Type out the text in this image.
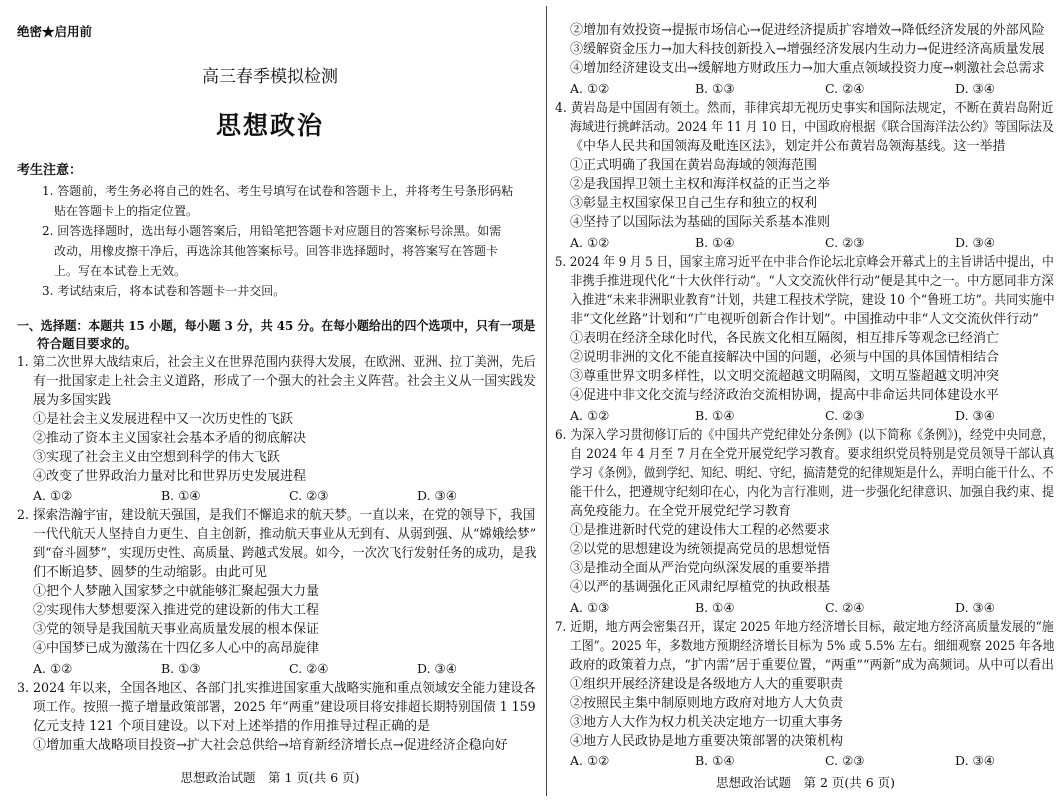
绝密★启用前
高三春季模拟检测
思想政治
考生注意：
1. 答题前，考生务必将自己的姓名、考生号填写在试卷和答题卡上，并将考生号条形码粘
贴在答题卡上的指定位置。
2. 回答选择题时，选出每小题答案后，用铅笔把答题卡对应题目的答案标号涂黑。如需
改动，用橡皮擦干净后，再选涂其他答案标号。回答非选择题时，将答案写在答题卡
上。写在本试卷上无效。
3. 考试结束后，将本试卷和答题卡一并交回。
一、选择题：本题共 15 小题，每小题 3 分，共 45 分。在每小题给出的四个选项中，只有一项是
符合题目要求的。
1. 第二次世界大战结束后，社会主义在世界范围内获得大发展，在欧洲、亚洲、拉丁美洲，先后
有一批国家走上社会主义道路，形成了一个强大的社会主义阵营。社会主义从一国实践发
展为多国实践
①是社会主义发展进程中又一次历史性的飞跃
②推动了资本主义国家社会基本矛盾的彻底解决
③实现了社会主义由空想到科学的伟大飞跃
④改变了世界政治力量对比和世界历史发展进程
A. ①②	B. ①④	C. ②③	D. ③④
2. 探索浩瀚宇宙，建设航天强国，是我们不懈追求的航天梦。一直以来，在党的领导下，我国
一代代航天人坚持自力更生、自主创新，推动航天事业从无到有、从弱到强、从“嫦娥绘梦”
到“奋斗圆梦”，实现历史性、高质量、跨越式发展。如今，一次次飞行发射任务的成功，是我
们不断追梦、圆梦的生动缩影。由此可见
①把个人梦融入国家梦之中就能够汇聚起强大力量
②实现伟大梦想要深入推进党的建设新的伟大工程
③党的领导是我国航天事业高质量发展的根本保证
④中国梦已成为激荡在十四亿多人心中的高昂旋律
A. ①②	B. ①③	C. ②④	D. ③④
3. 2024 年以来，全国各地区、各部门扎实推进国家重大战略实施和重点领域安全能力建设各
项工作。按照一揽子增量政策部署，2025 年“两重”建设项目将安排超长期特别国债 1 159
亿元支持 121 个项目建设。以下对上述举措的作用推导过程正确的是
①增加重大战略项目投资→扩大社会总供给→培育新经济增长点→促进经济企稳向好
思想政治试题　第 1 页(共 6 页)
②增加有效投资→提振市场信心→促进经济提质扩容增效→降低经济发展的外部风险
③缓解资金压力→加大科技创新投入→增强经济发展内生动力→促进经济高质量发展
④增加经济建设支出→缓解地方财政压力→加大重点领域投资力度→刺激社会总需求
A. ①②	B. ①③	C. ②④	D. ③④
4. 黄岩岛是中国固有领土。然而，菲律宾却无视历史事实和国际法规定，不断在黄岩岛附近
海域进行挑衅活动。2024 年 11 月 10 日，中国政府根据《联合国海洋法公约》等国际法及
《中华人民共和国领海及毗连区法》，划定并公布黄岩岛领海基线。这一举措
①正式明确了我国在黄岩岛海域的领海范围
②是我国捍卫领土主权和海洋权益的正当之举
③彰显主权国家保卫自己生存和独立的权利
④坚持了以国际法为基础的国际关系基本准则
A. ①②	B. ①④	C. ②③	D. ③④
5. 2024 年 9 月 5 日，国家主席习近平在中非合作论坛北京峰会开幕式上的主旨讲话中提出，中
非携手推进现代化“十大伙伴行动”。“人文交流伙伴行动”便是其中之一。中方愿同非方深
入推进“未来非洲职业教育”计划，共建工程技术学院，建设 10 个“鲁班工坊”。共同实施中
非“文化丝路”计划和“广电视听创新合作计划”。中国推动中非“人文交流伙伴行动”
①表明在经济全球化时代，各民族文化相互隔阂，相互排斥等观念已经消亡
②说明非洲的文化不能直接解决中国的问题，必须与中国的具体国情相结合
③尊重世界文明多样性，以文明交流超越文明隔阂，文明互鉴超越文明冲突
④促进中非文化交流与经济政治交流相协调，提高中非命运共同体建设水平
A. ①②	B. ①④	C. ②③	D. ③④
6. 为深入学习贯彻修订后的《中国共产党纪律处分条例》(以下简称《条例》)，经党中央同意，
自 2024 年 4 月至 7 月在全党开展党纪学习教育。要求组织党员特别是党员领导干部认真
学习《条例》，做到学纪、知纪、明纪、守纪，搞清楚党的纪律规矩是什么，弄明白能干什么、不
能干什么，把遵规守纪刻印在心，内化为言行准则，进一步强化纪律意识、加强自我约束、提
高免疫能力。在全党开展党纪学习教育
①是推进新时代党的建设伟大工程的必然要求
②以党的思想建设为统领提高党员的思想觉悟
③是推动全面从严治党向纵深发展的重要举措
④以严的基调强化正风肃纪厚植党的执政根基
A. ①③	B. ①④	C. ②④	D. ③④
7. 近期，地方两会密集召开，谋定 2025 年地方经济增长目标，敲定地方经济高质量发展的“施
工图”。2025 年，多数地方预期经济增长目标为 5% 或 5.5% 左右。细细观察 2025 年各地
政府的政策着力点，“扩内需”居于重要位置，“两重”“两新”成为高频词。从中可以看出
①组织开展经济建设是各级地方人大的重要职责
②按照民主集中制原则地方政府对地方人大负责
③地方人大作为权力机关决定地方一切重大事务
④地方人民政协是地方重要决策部署的决策机构
A. ①②	B. ①④	C. ②③	D. ③④
思想政治试题　第 2 页(共 6 页)
